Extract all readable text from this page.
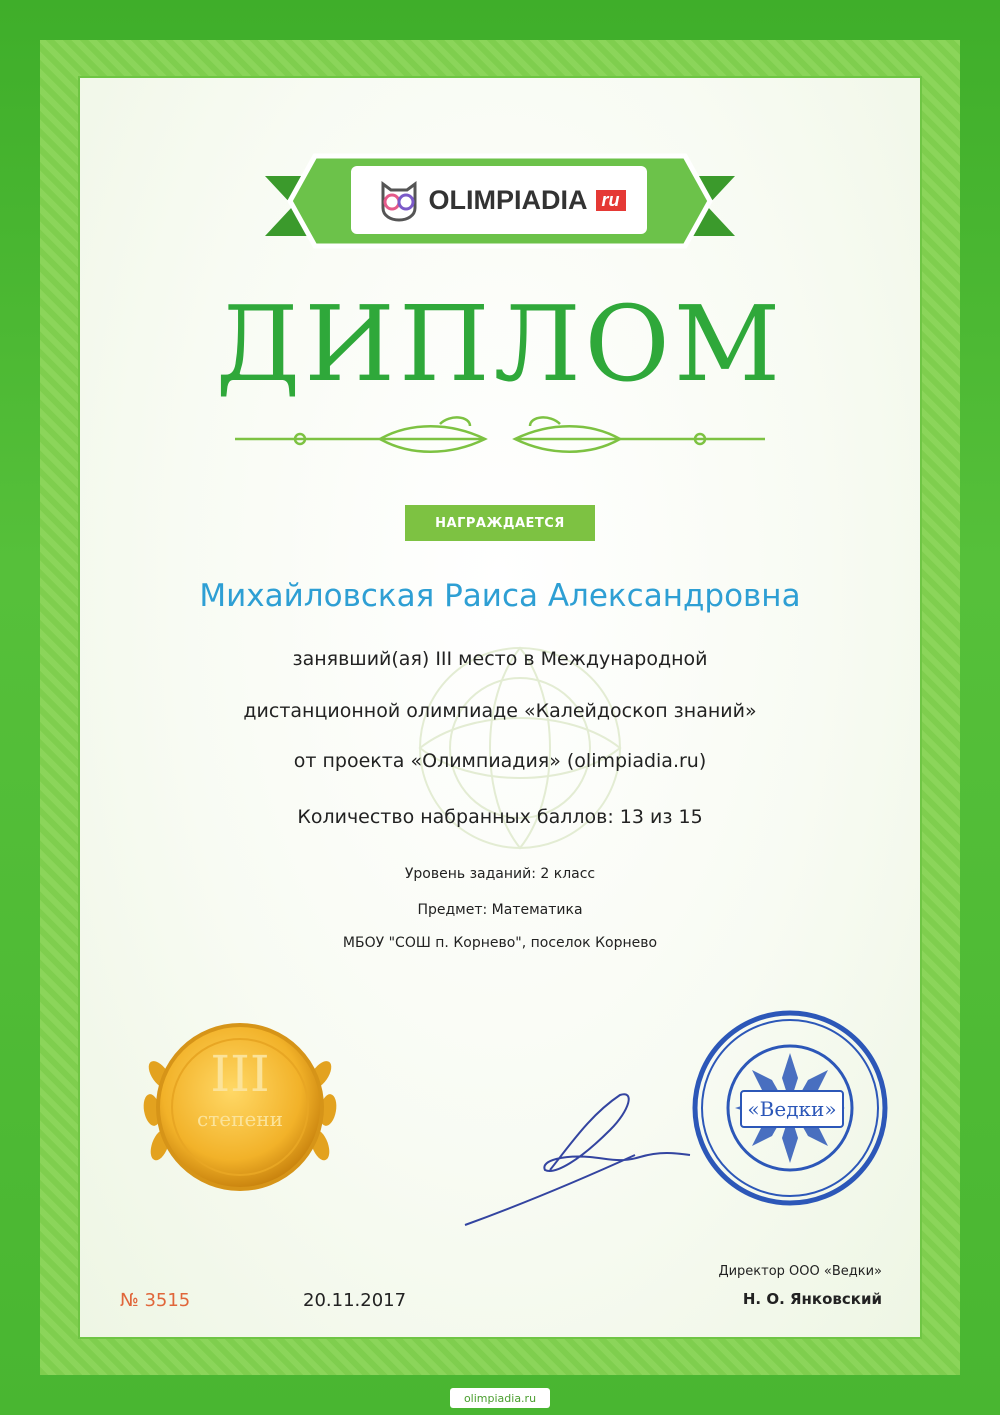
OLIMPIADIA ru
ДИПЛОМ
НАГРАЖДАЕТСЯ
Михайловская Раиса Александровна
занявший(ая) III место в Международной
дистанционной олимпиаде «Калейдоскоп знаний»
от проекта «Олимпиадия» (olimpiadia.ru)
Количество набранных баллов: 13 из 15
Уровень заданий: 2 класс
Предмет: Математика
МБОУ "СОШ п. Корнево", поселок Корнево
III
степени	«Ведки»
№ 3515	20.11.2017
Директор ООО «Ведки»
Н. О. Янковский
olimpiadia.ru
